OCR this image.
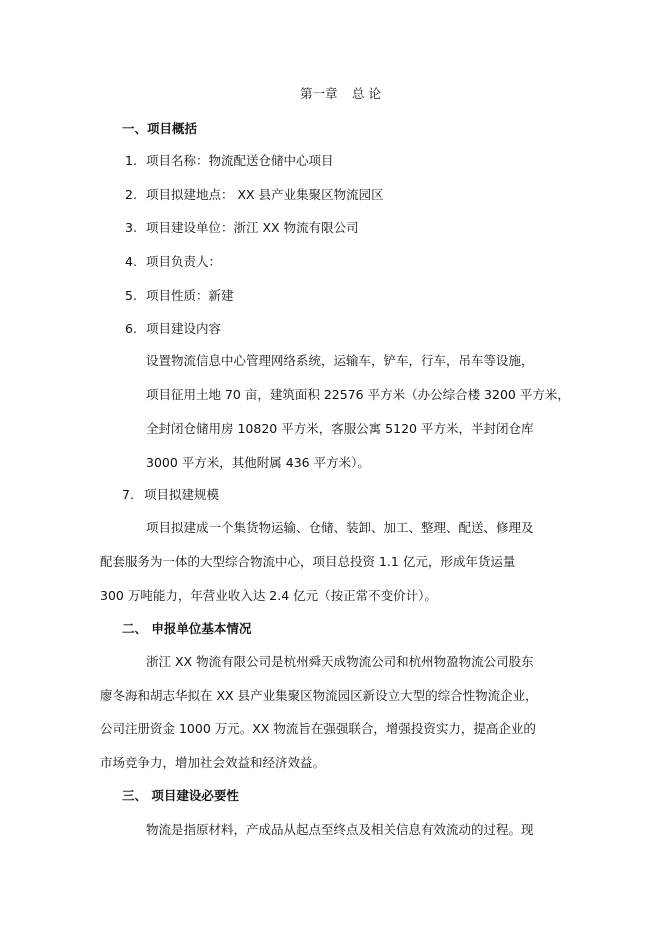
第一章 总 论
一、项目概括
1. 项目名称：物流配送仓储中心项目
2. 项目拟建地点： XX 县产业集聚区物流园区
3. 项目建设单位：浙江 XX 物流有限公司
4. 项目负责人：
5. 项目性质：新建
6. 项目建设内容
设置物流信息中心管理网络系统，运输车，铲车，行车，吊车等设施，
项目征用土地 70 亩，建筑面积 22576 平方米（办公综合楼 3200 平方米，
全封闭仓储用房 10820 平方米，客服公寓 5120 平方米，半封闭仓库
3000 平方米，其他附属 436 平方米）。
7. 项目拟建规模
项目拟建成一个集货物运输、仓储、装卸、加工、整理、配送、修理及
配套服务为一体的大型综合物流中心，项目总投资 1.1 亿元，形成年货运量
300 万吨能力，年营业收入达 2.4 亿元（按正常不变价计）。
二、 申报单位基本情况
浙江 XX 物流有限公司是杭州舜天成物流公司和杭州物盈物流公司股东
廖冬海和胡志华拟在 XX 县产业集聚区物流园区新设立大型的综合性物流企业，
公司注册资金 1000 万元。XX 物流旨在强强联合，增强投资实力，提高企业的
市场竞争力，增加社会效益和经济效益。
三、 项目建设必要性
物流是指原材料，产成品从起点至终点及相关信息有效流动的过程。现
